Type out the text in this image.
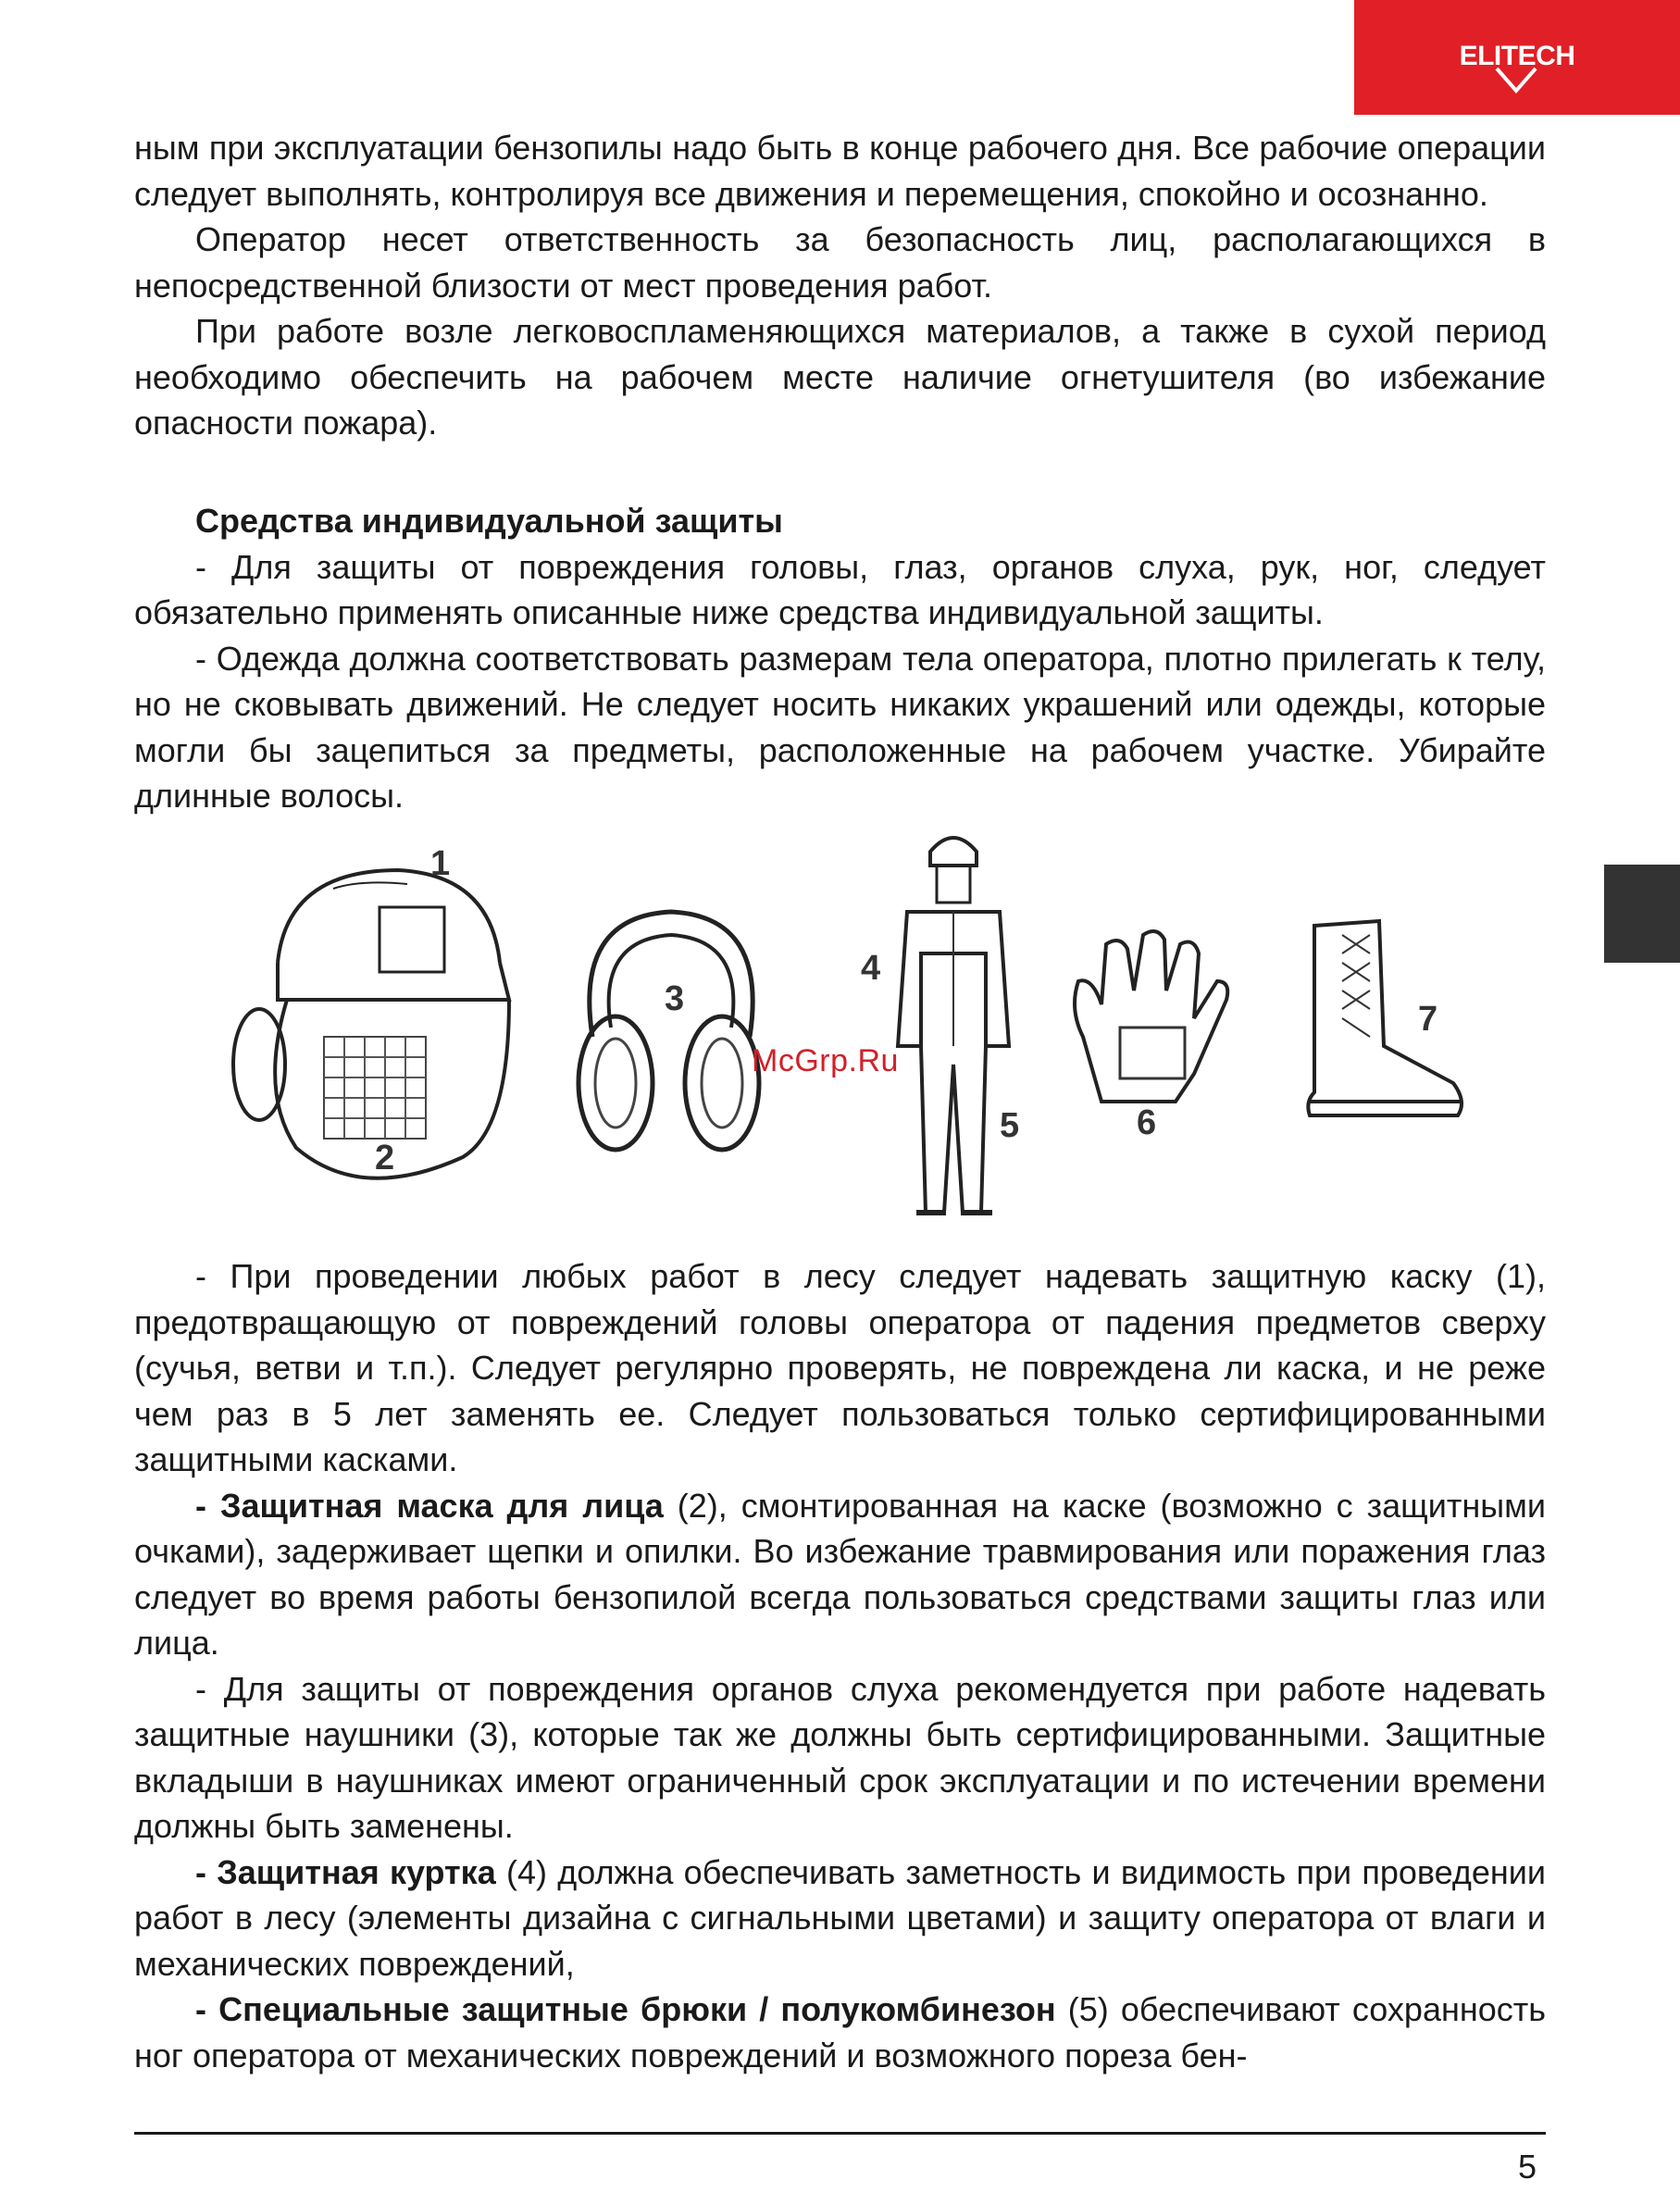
ELITECH

ным при эксплуатации бензопилы надо быть в конце рабочего дня. Все рабочие операции следует выполнять, контролируя все движения и перемещения, спокойно и осознанно.

Оператор несет ответственность за безопасность лиц, располагающихся в непосредственной близости от мест проведения работ.

При работе возле легковоспламеняющихся материалов, а также в сухой период необходимо обеспечить на рабочем месте наличие огнетушителя (во избежание опасности пожара).

Средства индивидуальной защиты

- Для защиты от повреждения головы, глаз, органов слуха, рук, ног, следует обязательно применять описанные ниже средства индивидуальной защиты.

- Одежда должна соответствовать размерам тела оператора, плотно прилегать к телу, но не сковывать движений. Не следует носить никаких украшений или одежды, которые могли бы зацепиться за предметы, расположенные на рабочем участке. Убирайте длинные волосы.

1
2
3
4
5	6
7
McGrp.Ru

- При проведении любых работ в лесу следует надевать защитную каску (1), предотвращающую от повреждений головы оператора от падения предметов сверху (сучья, ветви и т.п.). Следует регулярно проверять, не повреждена ли каска, и не реже чем раз в 5 лет заменять ее. Следует пользоваться только сертифицированными защитными касками.

- Защитная маска для лица (2), смонтированная на каске (возможно с защитными очками), задерживает щепки и опилки. Во избежание травмирования или поражения глаз следует во время работы бензопилой всегда пользоваться средствами защиты глаз или лица.

- Для защиты от повреждения органов слуха рекомендуется при работе надевать защитные наушники (3), которые так же должны быть сертифицированными. Защитные вкладыши в наушниках имеют ограниченный срок эксплуатации и по истечении времени должны быть заменены.

- Защитная куртка (4) должна обеспечивать заметность и видимость при проведении работ в лесу (элементы дизайна с сигнальными цветами) и защиту оператора от влаги и механических повреждений,

- Специальные защитные брюки / полукомбинезон (5) обеспечивают сохранность ног оператора от механических повреждений и возможного пореза бен-

5
